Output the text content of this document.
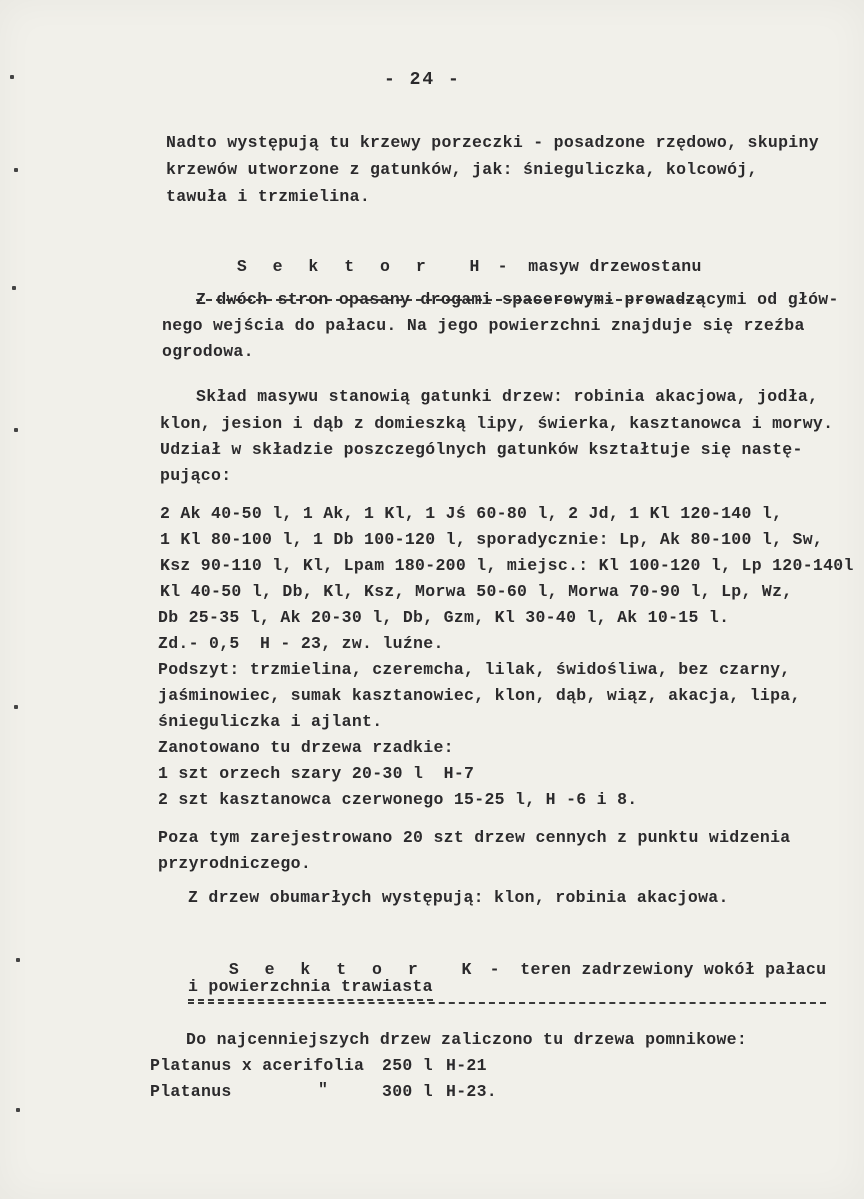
- 24 -
Nadto występują tu krzewy porzeczki - posadzone rzędowo, skupiny
krzewów utworzone z gatunków, jak: śnieguliczka, kolcowój,
tawuła i trzmielina.

S e k t o r  H -  masyw drzewostanu

Z dwóch stron opasany drogami spacerowymi prowadzącymi od głów-
nego wejścia do pałacu. Na jego powierzchni znajduje się rzeźba
ogrodowa.
Skład masywu stanowią gatunki drzew: robinia akacjowa, jodła,
klon, jesion i dąb z domieszką lipy, świerka, kasztanowca i morwy.
Udział w składzie poszczególnych gatunków kształtuje się nastę-
pująco:
2 Ak 40-50 l, 1 Ak, 1 Kl, 1 Jś 60-80 l, 2 Jd, 1 Kl 120-140 l,
1 Kl 80-100 l, 1 Db 100-120 l, sporadycznie: Lp, Ak 80-100 l, Sw,
Ksz 90-110 l, Kl, Lpam 180-200 l, miejsc.: Kl 100-120 l, Lp 120-140l
Kl 40-50 l, Db, Kl, Ksz, Morwa 50-60 l, Morwa 70-90 l, Lp, Wz,
Db 25-35 l, Ak 20-30 l, Db, Gzm, Kl 30-40 l, Ak 10-15 l.
Zd.- 0,5  H - 23, zw. luźne.
Podszyt: trzmielina, czeremcha, lilak, świdośliwa, bez czarny,
jaśminowiec, sumak kasztanowiec, klon, dąb, wiąz, akacja, lipa,
śnieguliczka i ajlant.
Zanotowano tu drzewa rzadkie:
1 szt orzech szary 20-30 l  H-7
2 szt kasztanowca czerwonego 15-25 l, H -6 i 8.
Poza tym zarejestrowano 20 szt drzew cennych z punktu widzenia
przyrodniczego.
Z drzew obumarłych występują: klon, robinia akacjowa.

S e k t o r  K -  teren zadrzewiony wokół pałacu

i powierzchnia trawiasta
Do najcenniejszych drzew zaliczono tu drzewa pomnikowe:
Platanus x acerifolia 250 l H-21
Platanus	"	300 l H-23.
